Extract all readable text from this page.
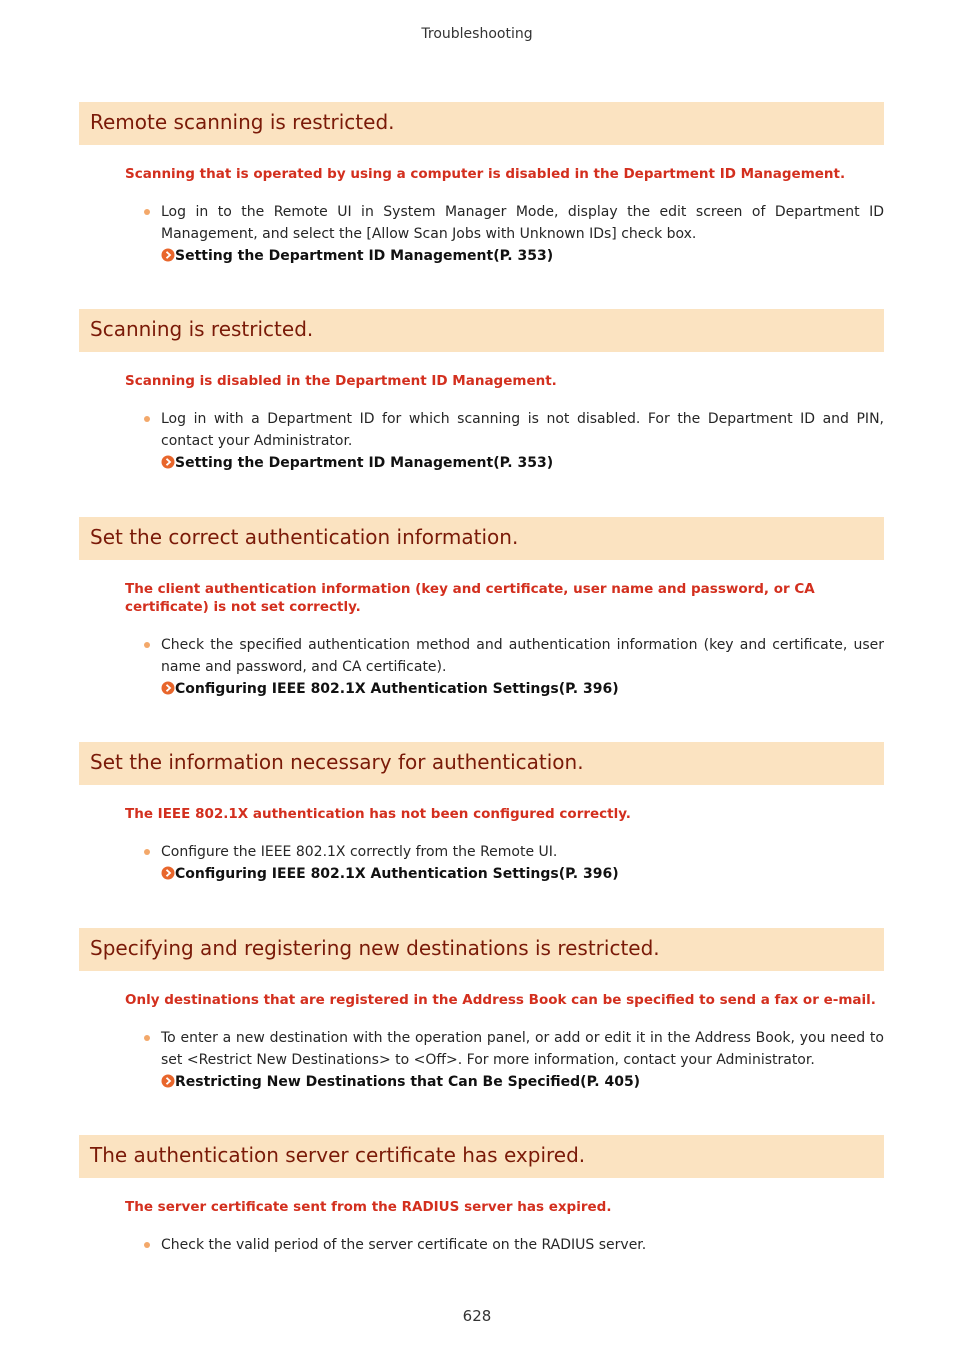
Troubleshooting
Remote scanning is restricted.
Scanning that is operated by using a computer is disabled in the Department ID Management.
Log in to the Remote UI in System Manager Mode, display the edit screen of Department ID Management, and select the [Allow Scan Jobs with Unknown IDs] check box.
Setting the Department ID Management(P. 353)
Scanning is restricted.
Scanning is disabled in the Department ID Management.
Log in with a Department ID for which scanning is not disabled. For the Department ID and PIN, contact your Administrator.
Setting the Department ID Management(P. 353)
Set the correct authentication information.
The client authentication information (key and certificate, user name and password, or CA certificate) is not set correctly.
Check the specified authentication method and authentication information (key and certificate, user name and password, and CA certificate).
Configuring IEEE 802.1X Authentication Settings(P. 396)
Set the information necessary for authentication.
The IEEE 802.1X authentication has not been configured correctly.
Configure the IEEE 802.1X correctly from the Remote UI.
Configuring IEEE 802.1X Authentication Settings(P. 396)
Specifying and registering new destinations is restricted.
Only destinations that are registered in the Address Book can be specified to send a fax or e-mail.
To enter a new destination with the operation panel, or add or edit it in the Address Book, you need to set <Restrict New Destinations> to <Off>. For more information, contact your Administrator.
Restricting New Destinations that Can Be Specified(P. 405)
The authentication server certificate has expired.
The server certificate sent from the RADIUS server has expired.
Check the valid period of the server certificate on the RADIUS server.
628
